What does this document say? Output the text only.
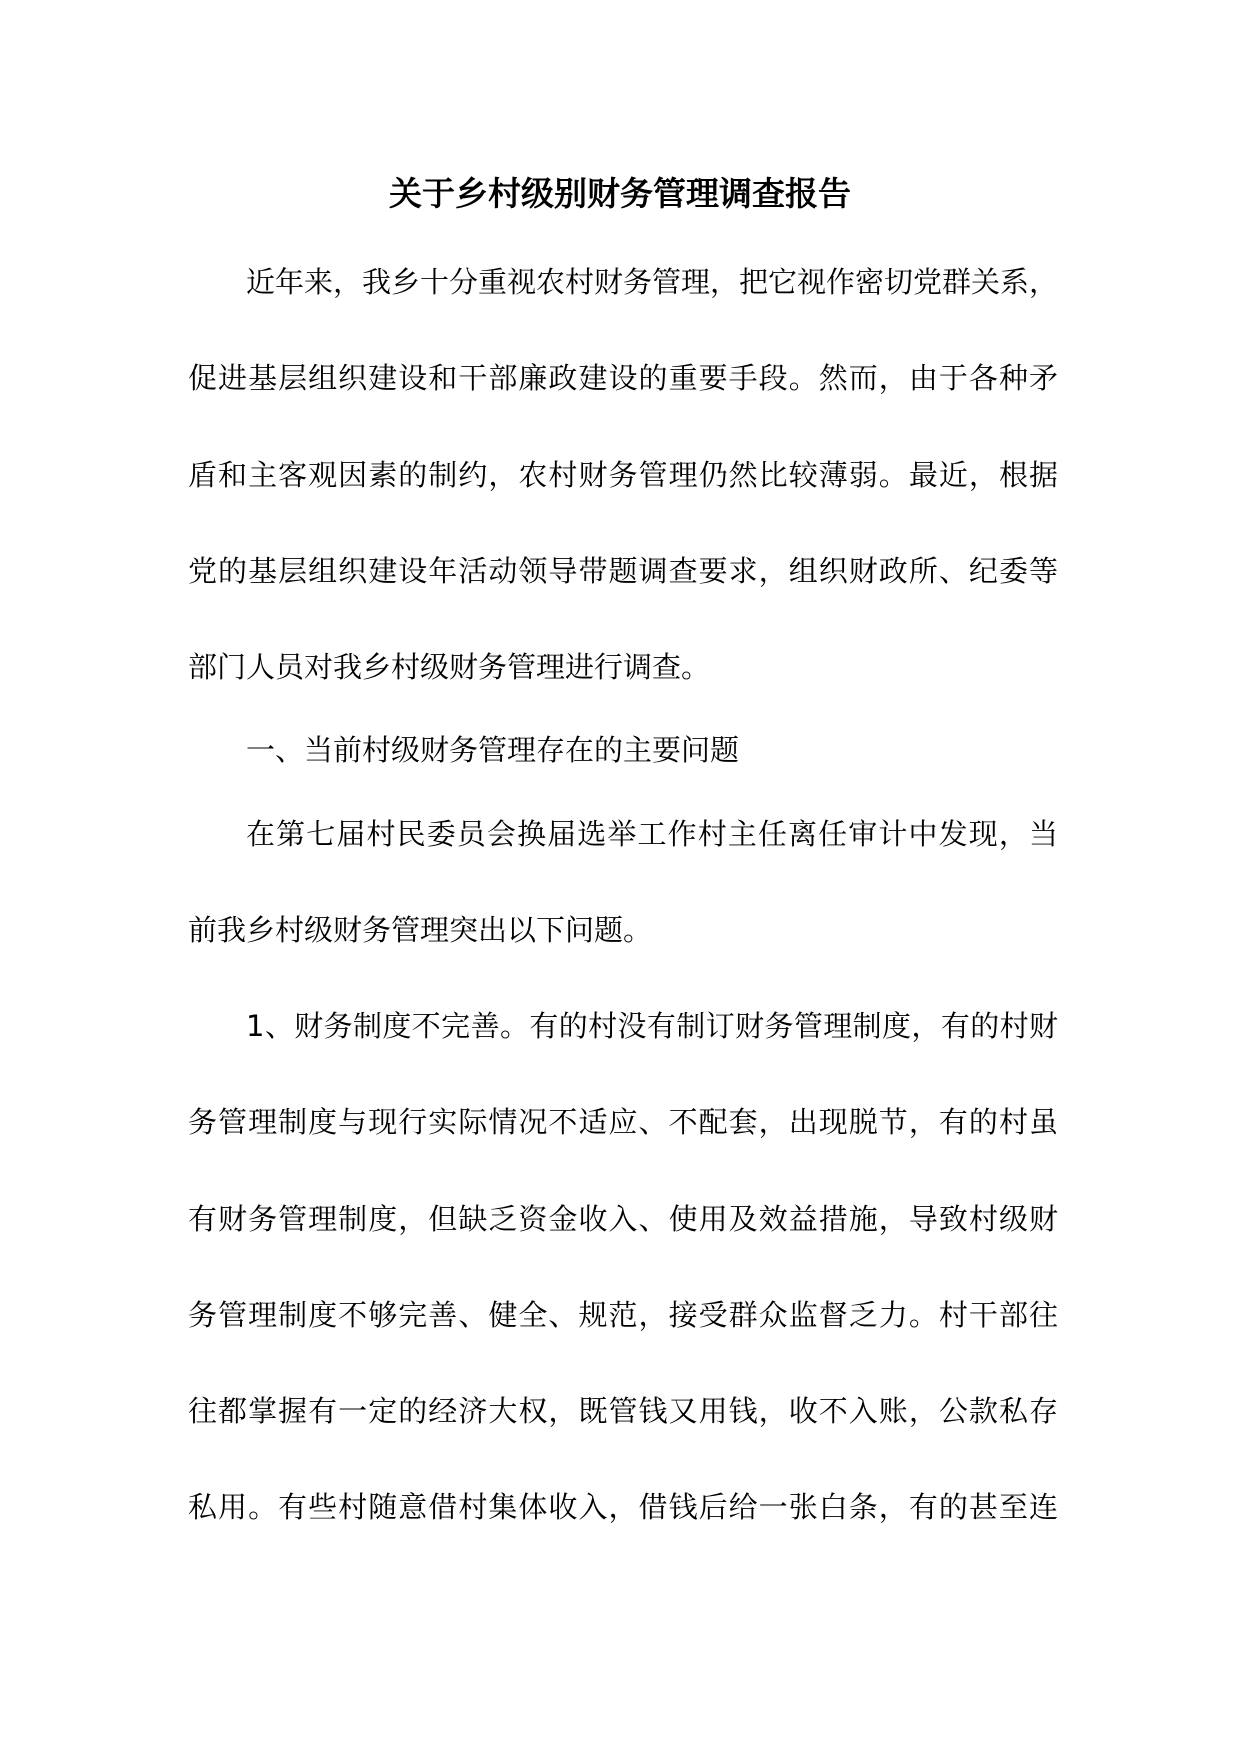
关于乡村级别财务管理调查报告
近年来，我乡十分重视农村财务管理，把它视作密切党群关系，
促进基层组织建设和干部廉政建设的重要手段。然而，由于各种矛
盾和主客观因素的制约，农村财务管理仍然比较薄弱。最近，根据
党的基层组织建设年活动领导带题调查要求，组织财政所、纪委等
部门人员对我乡村级财务管理进行调查。
一、当前村级财务管理存在的主要问题
在第七届村民委员会换届选举工作村主任离任审计中发现，当
前我乡村级财务管理突出以下问题。
1、财务制度不完善。有的村没有制订财务管理制度，有的村财
务管理制度与现行实际情况不适应、不配套，出现脱节，有的村虽
有财务管理制度，但缺乏资金收入、使用及效益措施，导致村级财
务管理制度不够完善、健全、规范，接受群众监督乏力。村干部往
往都掌握有一定的经济大权，既管钱又用钱，收不入账，公款私存
私用。有些村随意借村集体收入，借钱后给一张白条，有的甚至连
